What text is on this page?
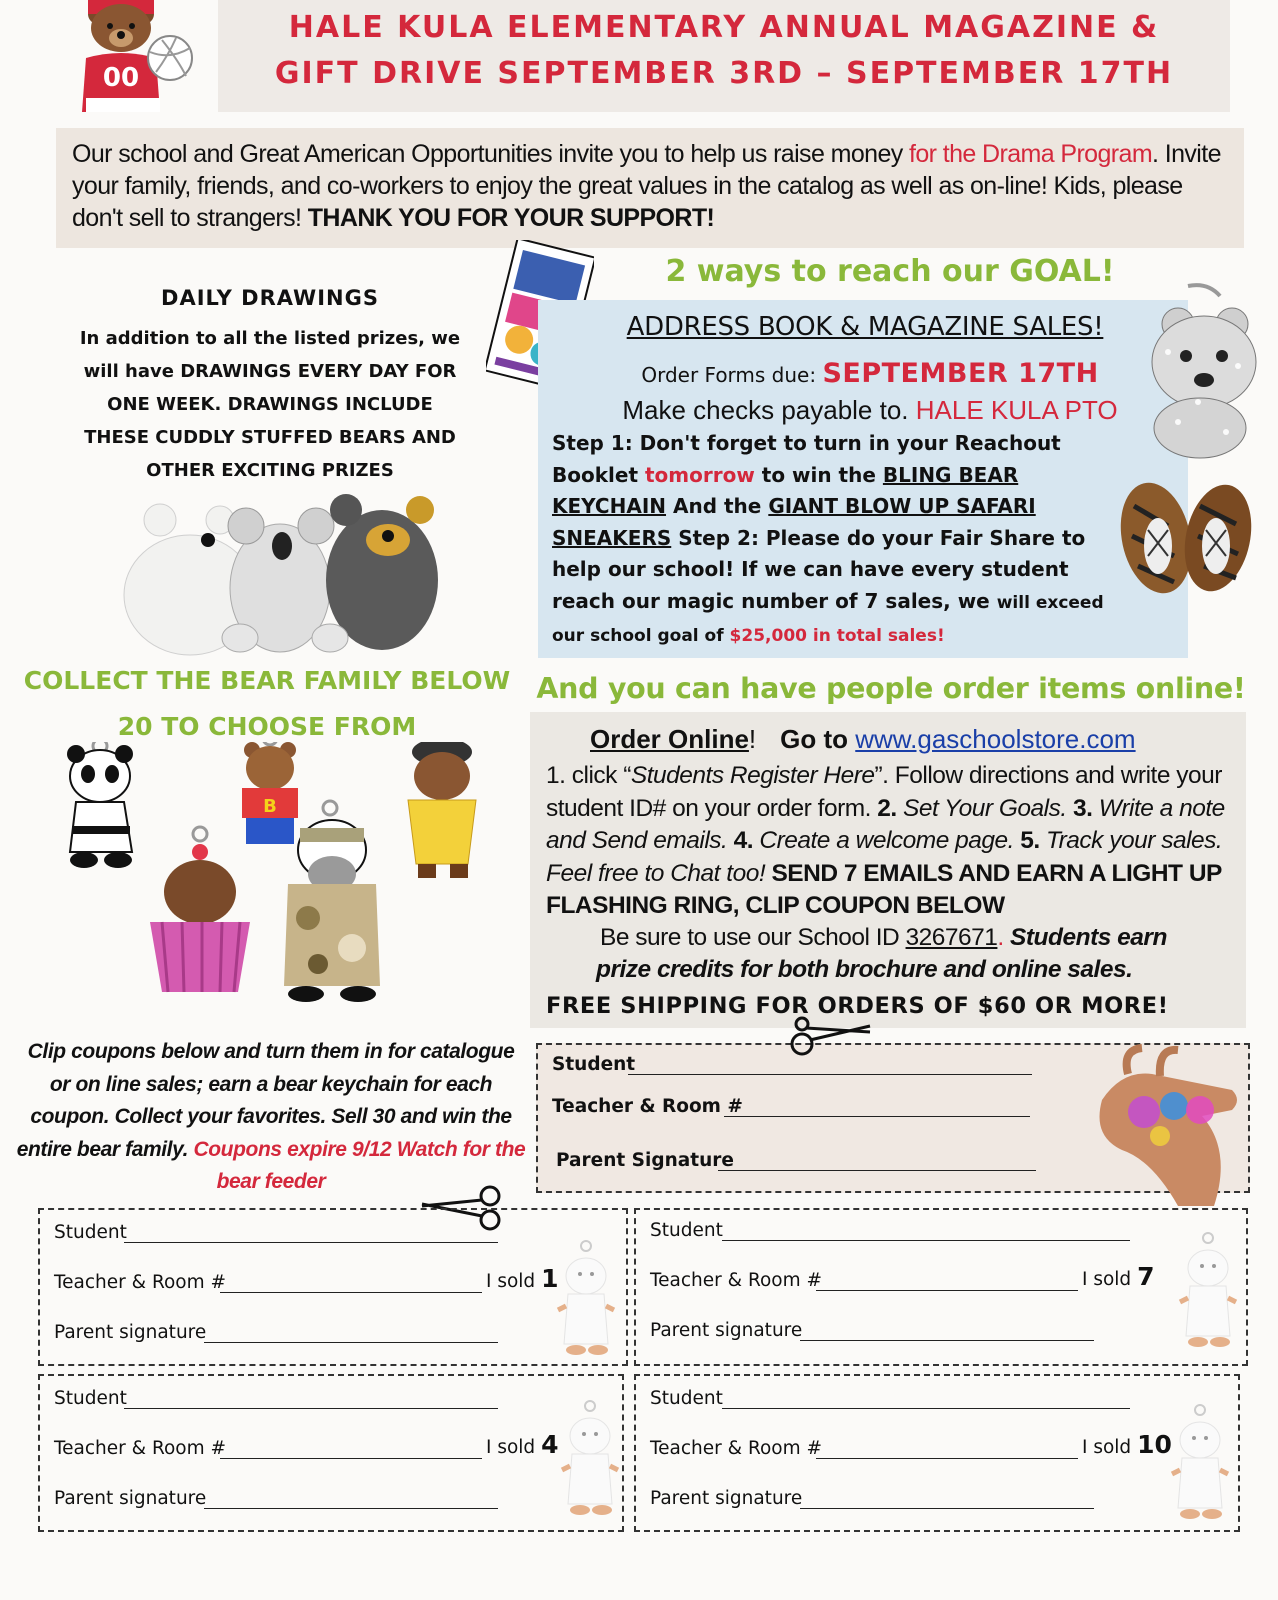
HALE KULA ELEMENTARY ANNUAL MAGAZINE &
GIFT DRIVE SEPTEMBER 3RD – SEPTEMBER 17TH
00
Our school and Great American Opportunities invite you to help us raise money for the Drama Program. Invite your family, friends, and co-workers to enjoy the great values in the catalog as well as on-line! Kids, please don't sell to strangers! THANK YOU FOR YOUR SUPPORT!
DAILY DRAWINGS
In addition to all the listed prizes, we
will have DRAWINGS EVERY DAY FOR
ONE WEEK. DRAWINGS INCLUDE
THESE CUDDLY STUFFED BEARS AND
OTHER EXCITING PRIZES
2 ways to reach our GOAL!
ADDRESS BOOK & MAGAZINE SALES!
Order Forms due: SEPTEMBER 17TH
Make checks payable to. HALE KULA PTO
Step 1: Don't forget to turn in your Reachout Booklet tomorrow to win the BLING BEAR KEYCHAIN And the GIANT BLOW UP SAFARI SNEAKERS Step 2: Please do your Fair Share to help our school! If we can have every student reach our magic number of 7 sales, we will exceed our school goal of $25,000 in total sales!
COLLECT THE BEAR FAMILY BELOW
20 TO CHOOSE FROM
B
Clip coupons below and turn them in for catalogue or on line sales; earn a bear keychain for each coupon. Collect your favorites. Sell 30 and win the entire bear family. Coupons expire 9/12 Watch for the bear feeder
And you can have people order items online!
Order Online! Go to www.gaschoolstore.com
1. click “Students Register Here”. Follow directions and write your student ID# on your order form. 2. Set Your Goals. 3. Write a note and Send emails. 4. Create a welcome page. 5. Track your sales. Feel free to Chat too! SEND 7 EMAILS AND EARN A LIGHT UP FLASHING RING, CLIP COUPON BELOW
Be sure to use our School ID 3267671. Students earn
prize credits for both brochure and online sales.
FREE SHIPPING FOR ORDERS OF $60 OR MORE!
Student
Teacher & Room #
Parent Signature
Student
Teacher & Room #	I sold 1
Parent signature
Student
Teacher & Room #	I sold 7
Parent signature
Student
Teacher & Room #	I sold 4
Parent signature
Student
Teacher & Room #	I sold 10
Parent signature
